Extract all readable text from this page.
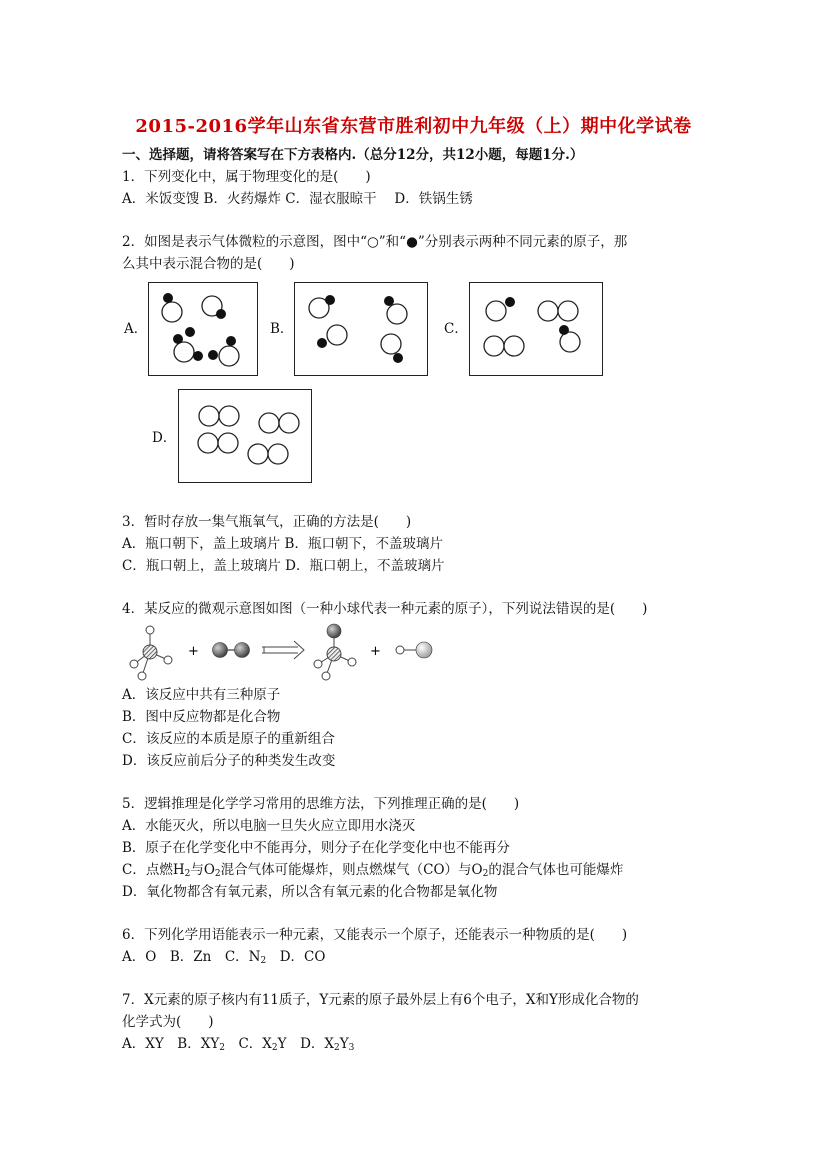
2015-2016学年山东省东营市胜利初中九年级（上）期中化学试卷
一、选择题，请将答案写在下方表格内.（总分12分，共12小题，每题1分.）
1．下列变化中，属于物理变化的是(　　)
A．米饭变馊 B．火药爆炸 C．湿衣服晾干　 D．铁锅生锈
2．如图是表示气体微粒的示意图，图中“○”和“●”分别表示两种不同元素的原子，那
么其中表示混合物的是(　　)
A．	B．	C．
D．
3．暂时存放一集气瓶氧气，正确的方法是(　　)
A．瓶口朝下，盖上玻璃片 B．瓶口朝下，不盖玻璃片
C．瓶口朝上，盖上玻璃片 D．瓶口朝上，不盖玻璃片
4．某反应的微观示意图如图（一种小球代表一种元素的原子），下列说法错误的是(　　)
+	+
A．该反应中共有三种原子
B．图中反应物都是化合物
C．该反应的本质是原子的重新组合
D．该反应前后分子的种类发生改变
5．逻辑推理是化学学习常用的思维方法，下列推理正确的是(　　)
A．水能灭火，所以电脑一旦失火应立即用水浇灭
B．原子在化学变化中不能再分，则分子在化学变化中也不能再分
C．点燃$H_2$与$O_2$混合气体可能爆炸，则点燃煤气（CO）与$O_2$的混合气体也可能爆炸
D．氧化物都含有氧元素，所以含有氧元素的化合物都是氧化物
6．下列化学用语能表示一种元素，又能表示一个原子，还能表示一种物质的是(　　)
A．O　 B．Zn　 C．$N_2$　 D．CO
7．X元素的原子核内有11质子，Y元素的原子最外层上有6个电子，X和Y形成化合物的
化学式为(　　)
A．XY　 B．$XY_2$　 C．$X_2Y$　 D．$X_2Y_3$
